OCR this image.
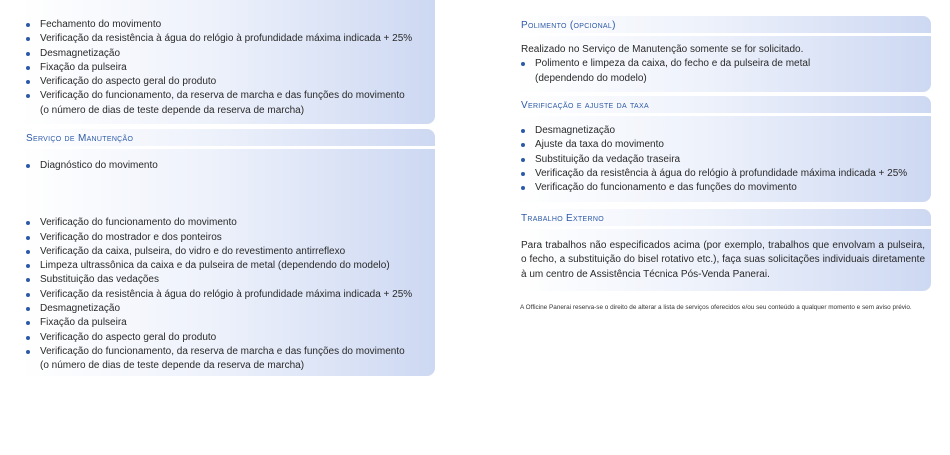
Fechamento do movimento
Verificação da resistência à água do relógio à profundidade máxima indicada + 25%
Desmagnetização
Fixação da pulseira
Verificação do aspecto geral do produto
Verificação do funcionamento, da reserva de marcha e das funções do movimento
(o número de dias de teste depende da reserva de marcha)
Serviço de Manutenção
Diagnóstico do movimento
Verificação do funcionamento do movimento
Verificação do mostrador e dos ponteiros
Verificação da caixa, pulseira, do vidro e do revestimento antirreflexo
Limpeza ultrassônica da caixa e da pulseira de metal (dependendo do modelo)
Substituição das vedações
Verificação da resistência à água do relógio à profundidade máxima indicada + 25%
Desmagnetização
Fixação da pulseira
Verificação do aspecto geral do produto
Verificação do funcionamento, da reserva de marcha e das funções do movimento
(o número de dias de teste depende da reserva de marcha)
Polimento (opcional)

Realizado no Serviço de Manutenção somente se for solicitado.

Polimento e limpeza da caixa, do fecho e da pulseira de metal
(dependendo do modelo)
Verificação e ajuste da taxa
Desmagnetização
Ajuste da taxa do movimento
Substituição da vedação traseira
Verificação da resistência à água do relógio à profundidade máxima indicada + 25%
Verificação do funcionamento e das funções do movimento
Trabalho Externo

Para trabalhos não especificados acima (por exemplo, trabalhos que envolvam a pulseira, o fecho, a substituição do bisel rotativo etc.), faça suas solicitações individuais diretamente à um centro de Assistência Técnica Pós-Venda Panerai.

A Officine Panerai reserva-se o direito de alterar a lista de serviços oferecidos e/ou seu conteúdo a qualquer momento e sem aviso prévio.
